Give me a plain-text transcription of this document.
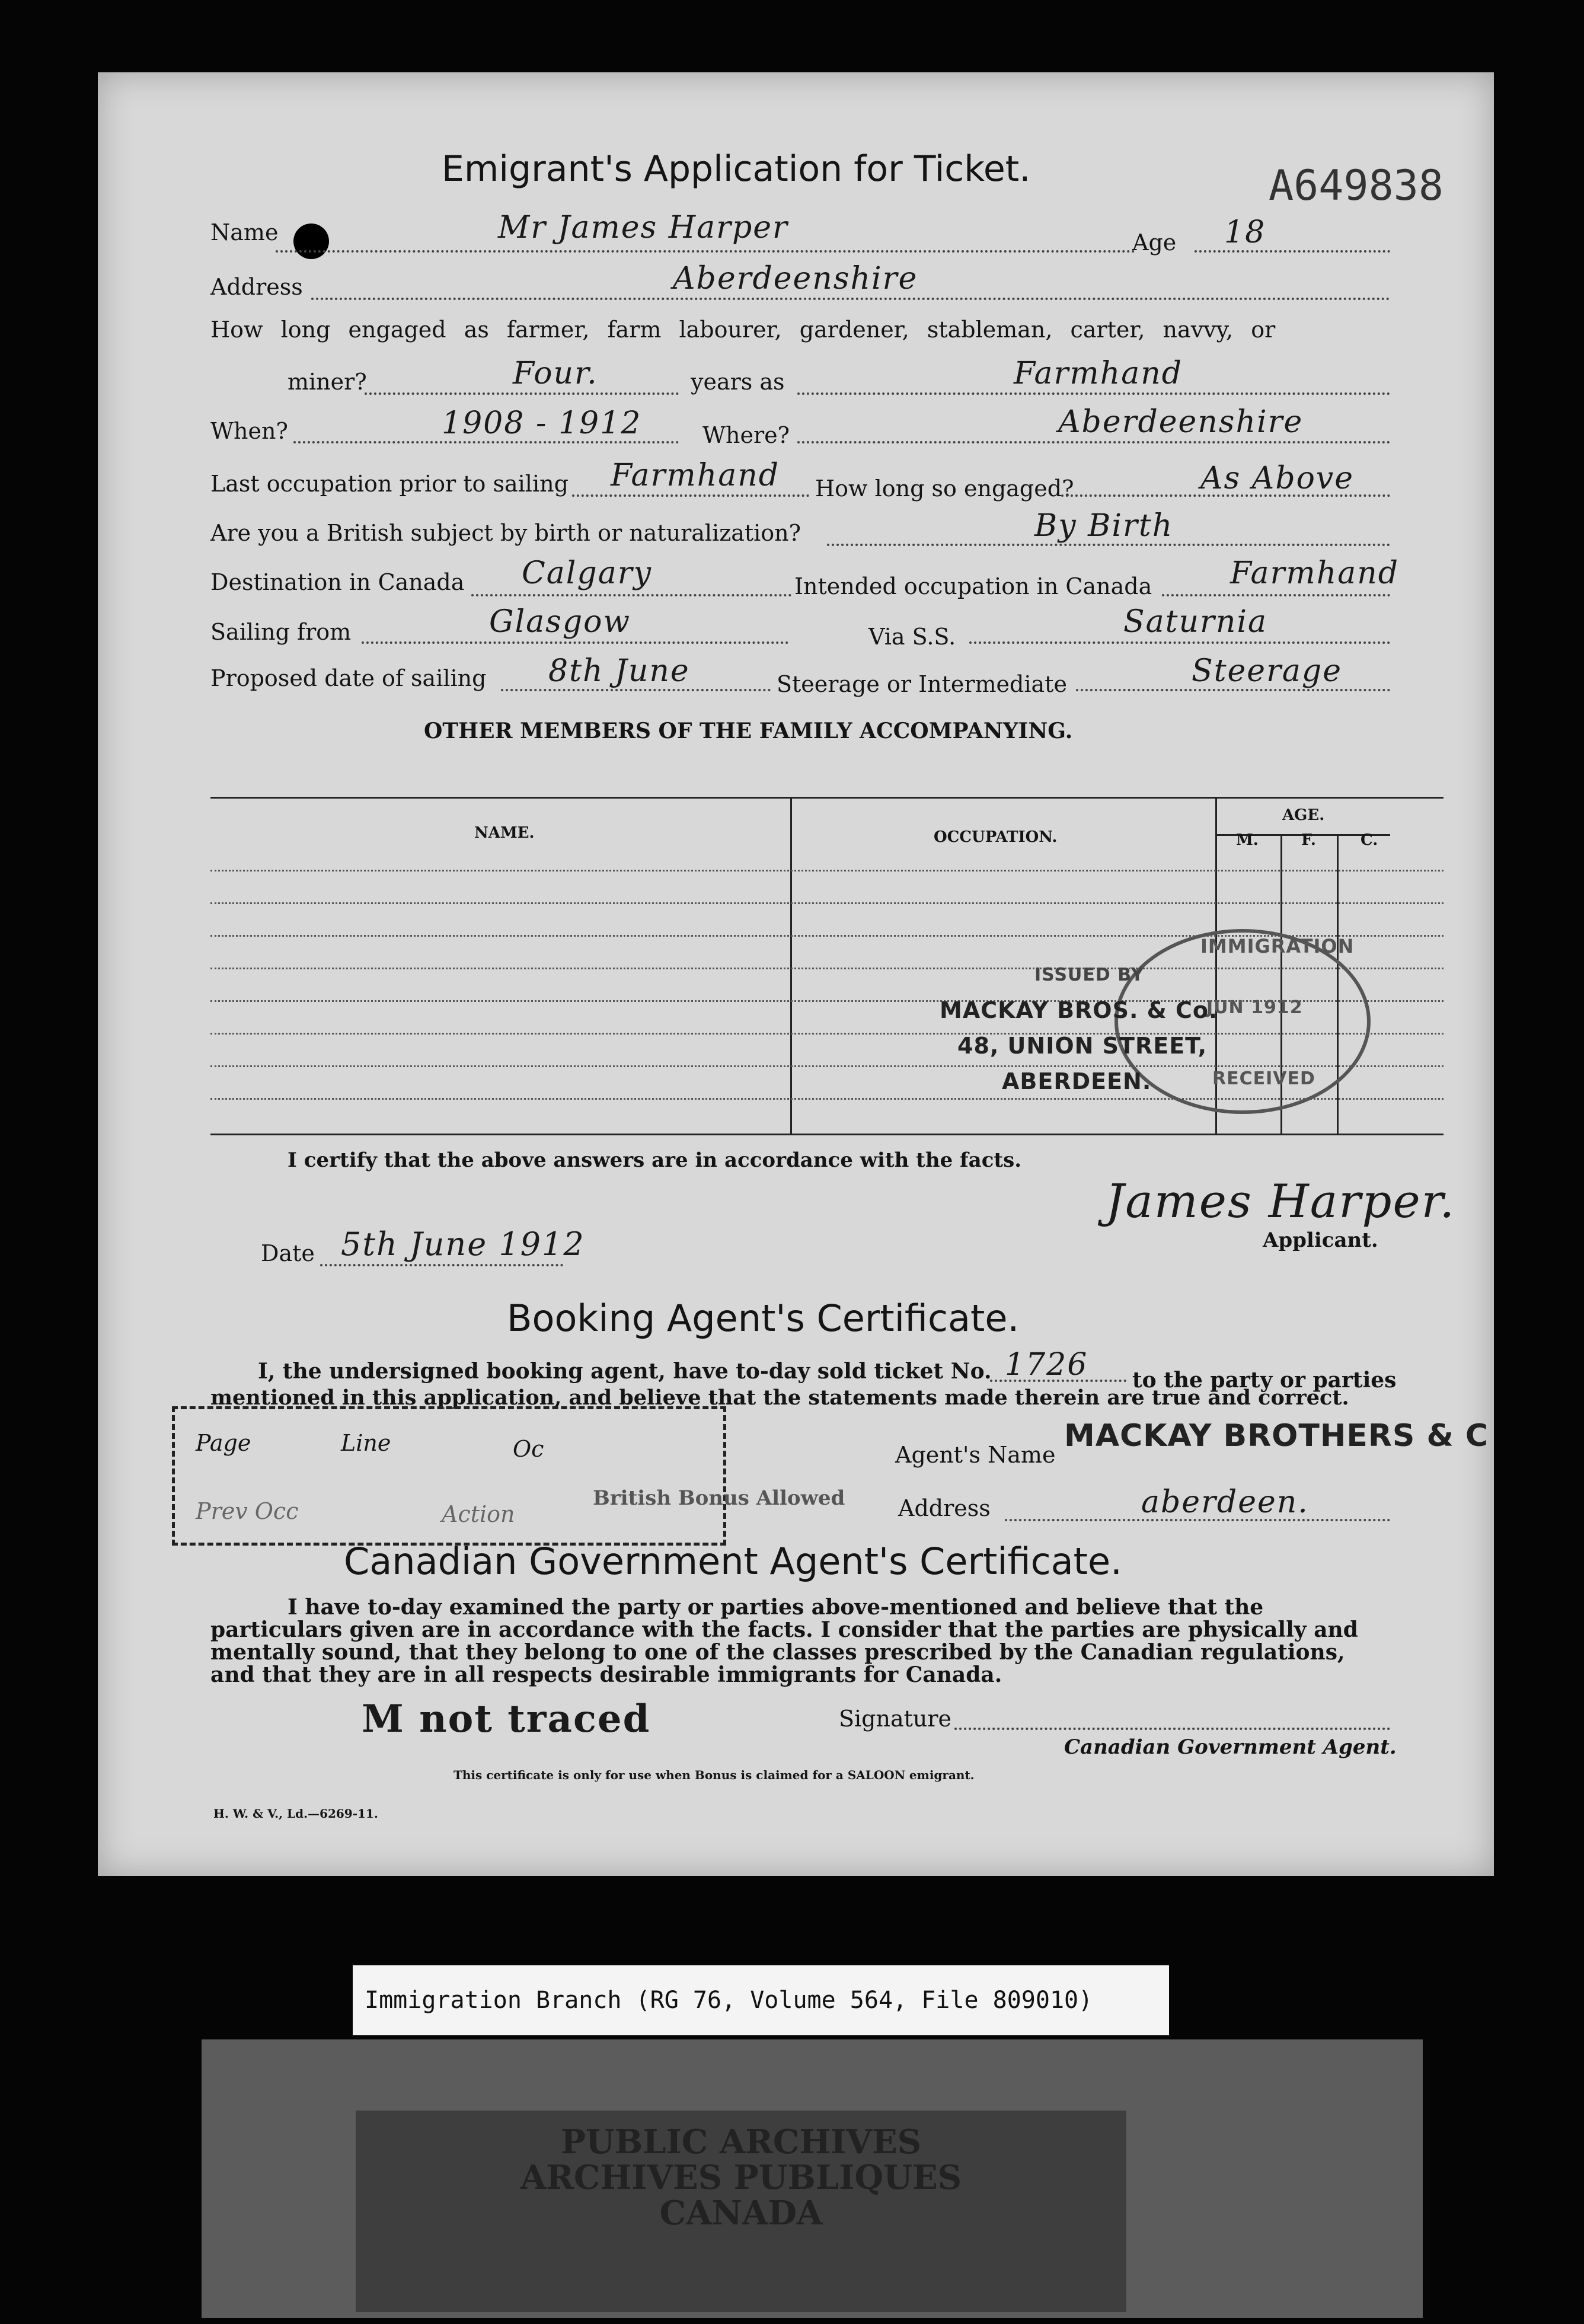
Emigrant's Application for Ticket.	A649838
Name	Mr James Harper	Age 18
Address	Aberdeenshire
How long engaged as farmer, farm labourer, gardener, stableman, carter, navvy, or
miner?	Four.	years as	Farmhand
When?	1908 - 1912	Where?	Aberdeenshire
Last occupation prior to sailing Farmhand How long so engaged?	As Above
Are you a British subject by birth or naturalization?	By Birth
Destination in Canada Calgary	Intended occupation in Canada	Farmhand
Sailing from	Glasgow	Via S.S.	Saturnia
Proposed date of sailing 8th June	Steerage or Intermediate	Steerage
OTHER MEMBERS OF THE FAMILY ACCOMPANYING.
NAME.	OCCUPATION.
AGE.
M.	F.	C.
IMMIGRATION
JUN 1912
RECEIVED
ISSUED BY
MACKAY BROS. & Co.
48, UNION STREET,
ABERDEEN.
I certify that the above answers are in accordance with the facts.
James Harper.
Applicant.
Date 5th June 1912
Booking Agent's Certificate.
I, the undersigned booking agent, have to-day sold ticket No. 1726 to the party or parties
mentioned in this application, and believe that the statements made therein are true and correct.
Page	Line	Oc
Prev Occ	Action
British Bonus Allowed
Agent's Name
MACKAY BROTHERS & C
Address	aberdeen.
Canadian Government Agent's Certificate.
I have to-day examined the party or parties above-mentioned and believe that the particulars given are in accordance with the facts. I consider that the parties are physically and mentally sound, that they belong to one of the classes prescribed by the Canadian regulations, and that they are in all respects desirable immigrants for Canada.
M not traced	Signature
Canadian Government Agent.
This certificate is only for use when Bonus is claimed for a SALOON emigrant.
H. W. & V., Ld.—6269-11.
PUBLIC ARCHIVES
ARCHIVES PUBLIQUES
CANADA
Immigration Branch (RG 76, Volume 564, File 809010)
